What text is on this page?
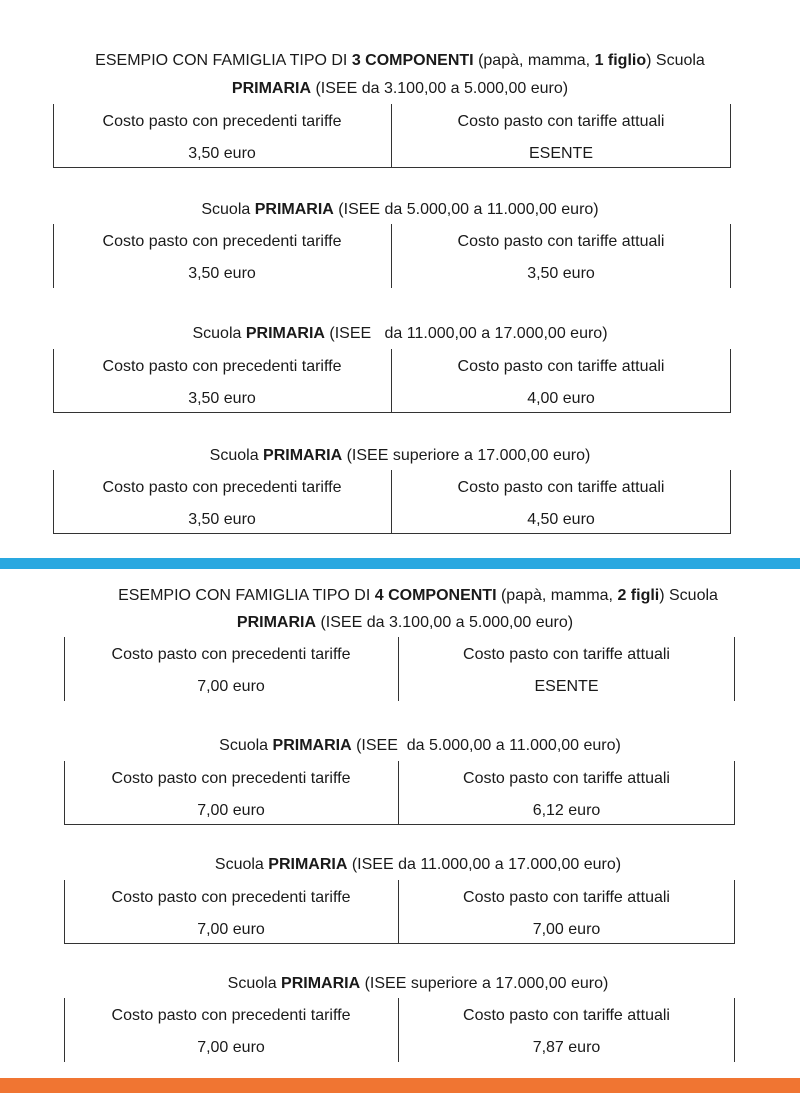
ESEMPIO CON FAMIGLIA TIPO DI 3 COMPONENTI (papà, mamma, 1 figlio) Scuola
PRIMARIA (ISEE da 3.100,00 a 5.000,00 euro)
Costo pasto con precedenti tariffe	Costo pasto con tariffe attuali
3,50 euro	ESENTE
Scuola PRIMARIA (ISEE da 5.000,00 a 11.000,00 euro)
Costo pasto con precedenti tariffe	Costo pasto con tariffe attuali
3,50 euro	3,50 euro
Scuola PRIMARIA (ISEE   da 11.000,00 a 17.000,00 euro)
Costo pasto con precedenti tariffe	Costo pasto con tariffe attuali
3,50 euro	4,00 euro
Scuola PRIMARIA (ISEE superiore a 17.000,00 euro)
Costo pasto con precedenti tariffe	Costo pasto con tariffe attuali
3,50 euro	4,50 euro
ESEMPIO CON FAMIGLIA TIPO DI 4 COMPONENTI (papà, mamma, 2 figli) Scuola
PRIMARIA (ISEE da 3.100,00 a 5.000,00 euro)
Costo pasto con precedenti tariffe	Costo pasto con tariffe attuali
7,00 euro	ESENTE
Scuola PRIMARIA (ISEE  da 5.000,00 a 11.000,00 euro)
Costo pasto con precedenti tariffe	Costo pasto con tariffe attuali
7,00 euro	6,12 euro
Scuola PRIMARIA (ISEE da 11.000,00 a 17.000,00 euro)
Costo pasto con precedenti tariffe	Costo pasto con tariffe attuali
7,00 euro	7,00 euro
Scuola PRIMARIA (ISEE superiore a 17.000,00 euro)
Costo pasto con precedenti tariffe	Costo pasto con tariffe attuali
7,00 euro	7,87 euro
